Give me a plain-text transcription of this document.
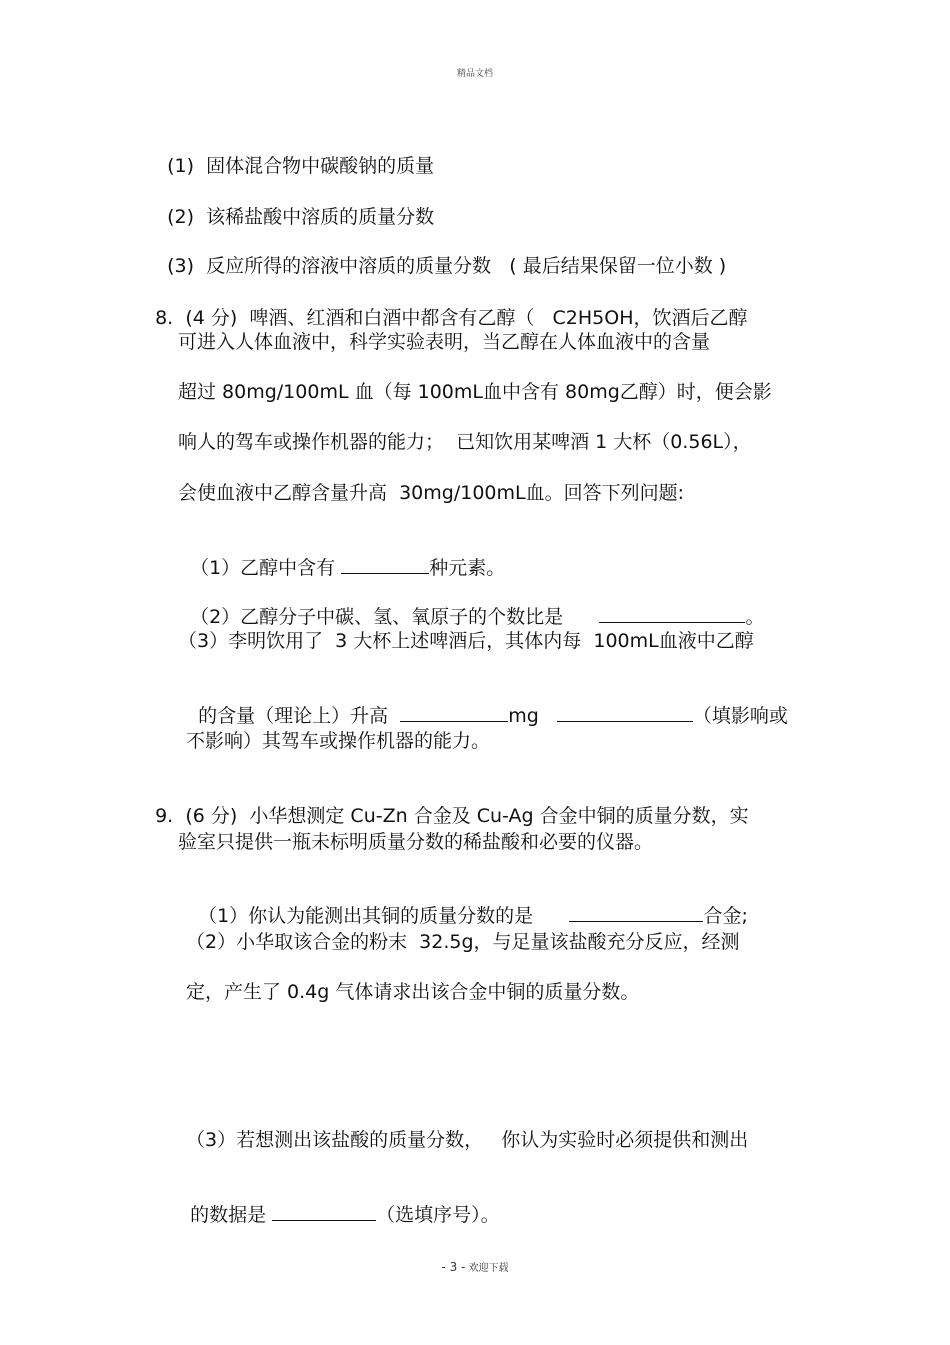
精品文档

(1) 固体混合物中碳酸钠的质量

(2) 该稀盐酸中溶质的质量分数

(3) 反应所得的溶液中溶质的质量分数 ( 最后结果保留一位小数 )

8. (4 分) 啤酒、红酒和白酒中都含有乙醇（ C2H5OH，饮酒后乙醇

可进入人体血液中，科学实验表明，当乙醇在人体血液中的含量

超过 80mg/100mL 血（每 100mL血中含有 80mg乙醇）时，便会影

响人的驾车或操作机器的能力；  已知饮用某啤酒 1 大杯（0.56L），

会使血液中乙醇含量升高  30mg/100mL血。回答下列问题:

（1）乙醇中含有	种元素。

（2）乙醇分子中碳、氢、氧原子的个数比是	。

（3）李明饮用了  3 大杯上述啤酒后，其体内每  100mL血液中乙醇

的含量（理论上）升高	mg	（填影响或

不影响）其驾车或操作机器的能力。

9. (6 分) 小华想测定 Cu-Zn 合金及 Cu-Ag 合金中铜的质量分数，实

验室只提供一瓶未标明质量分数的稀盐酸和必要的仪器。

（1）你认为能测出其铜的质量分数的是	合金;

（2）小华取该合金的粉末  32.5g，与足量该盐酸充分反应，经测

定，产生了 0.4g 气体请求出该合金中铜的质量分数。

（3）若想测出该盐酸的质量分数，   你认为实验时必须提供和测出

的数据是	（选填序号）。

- 3 - 欢迎下载
